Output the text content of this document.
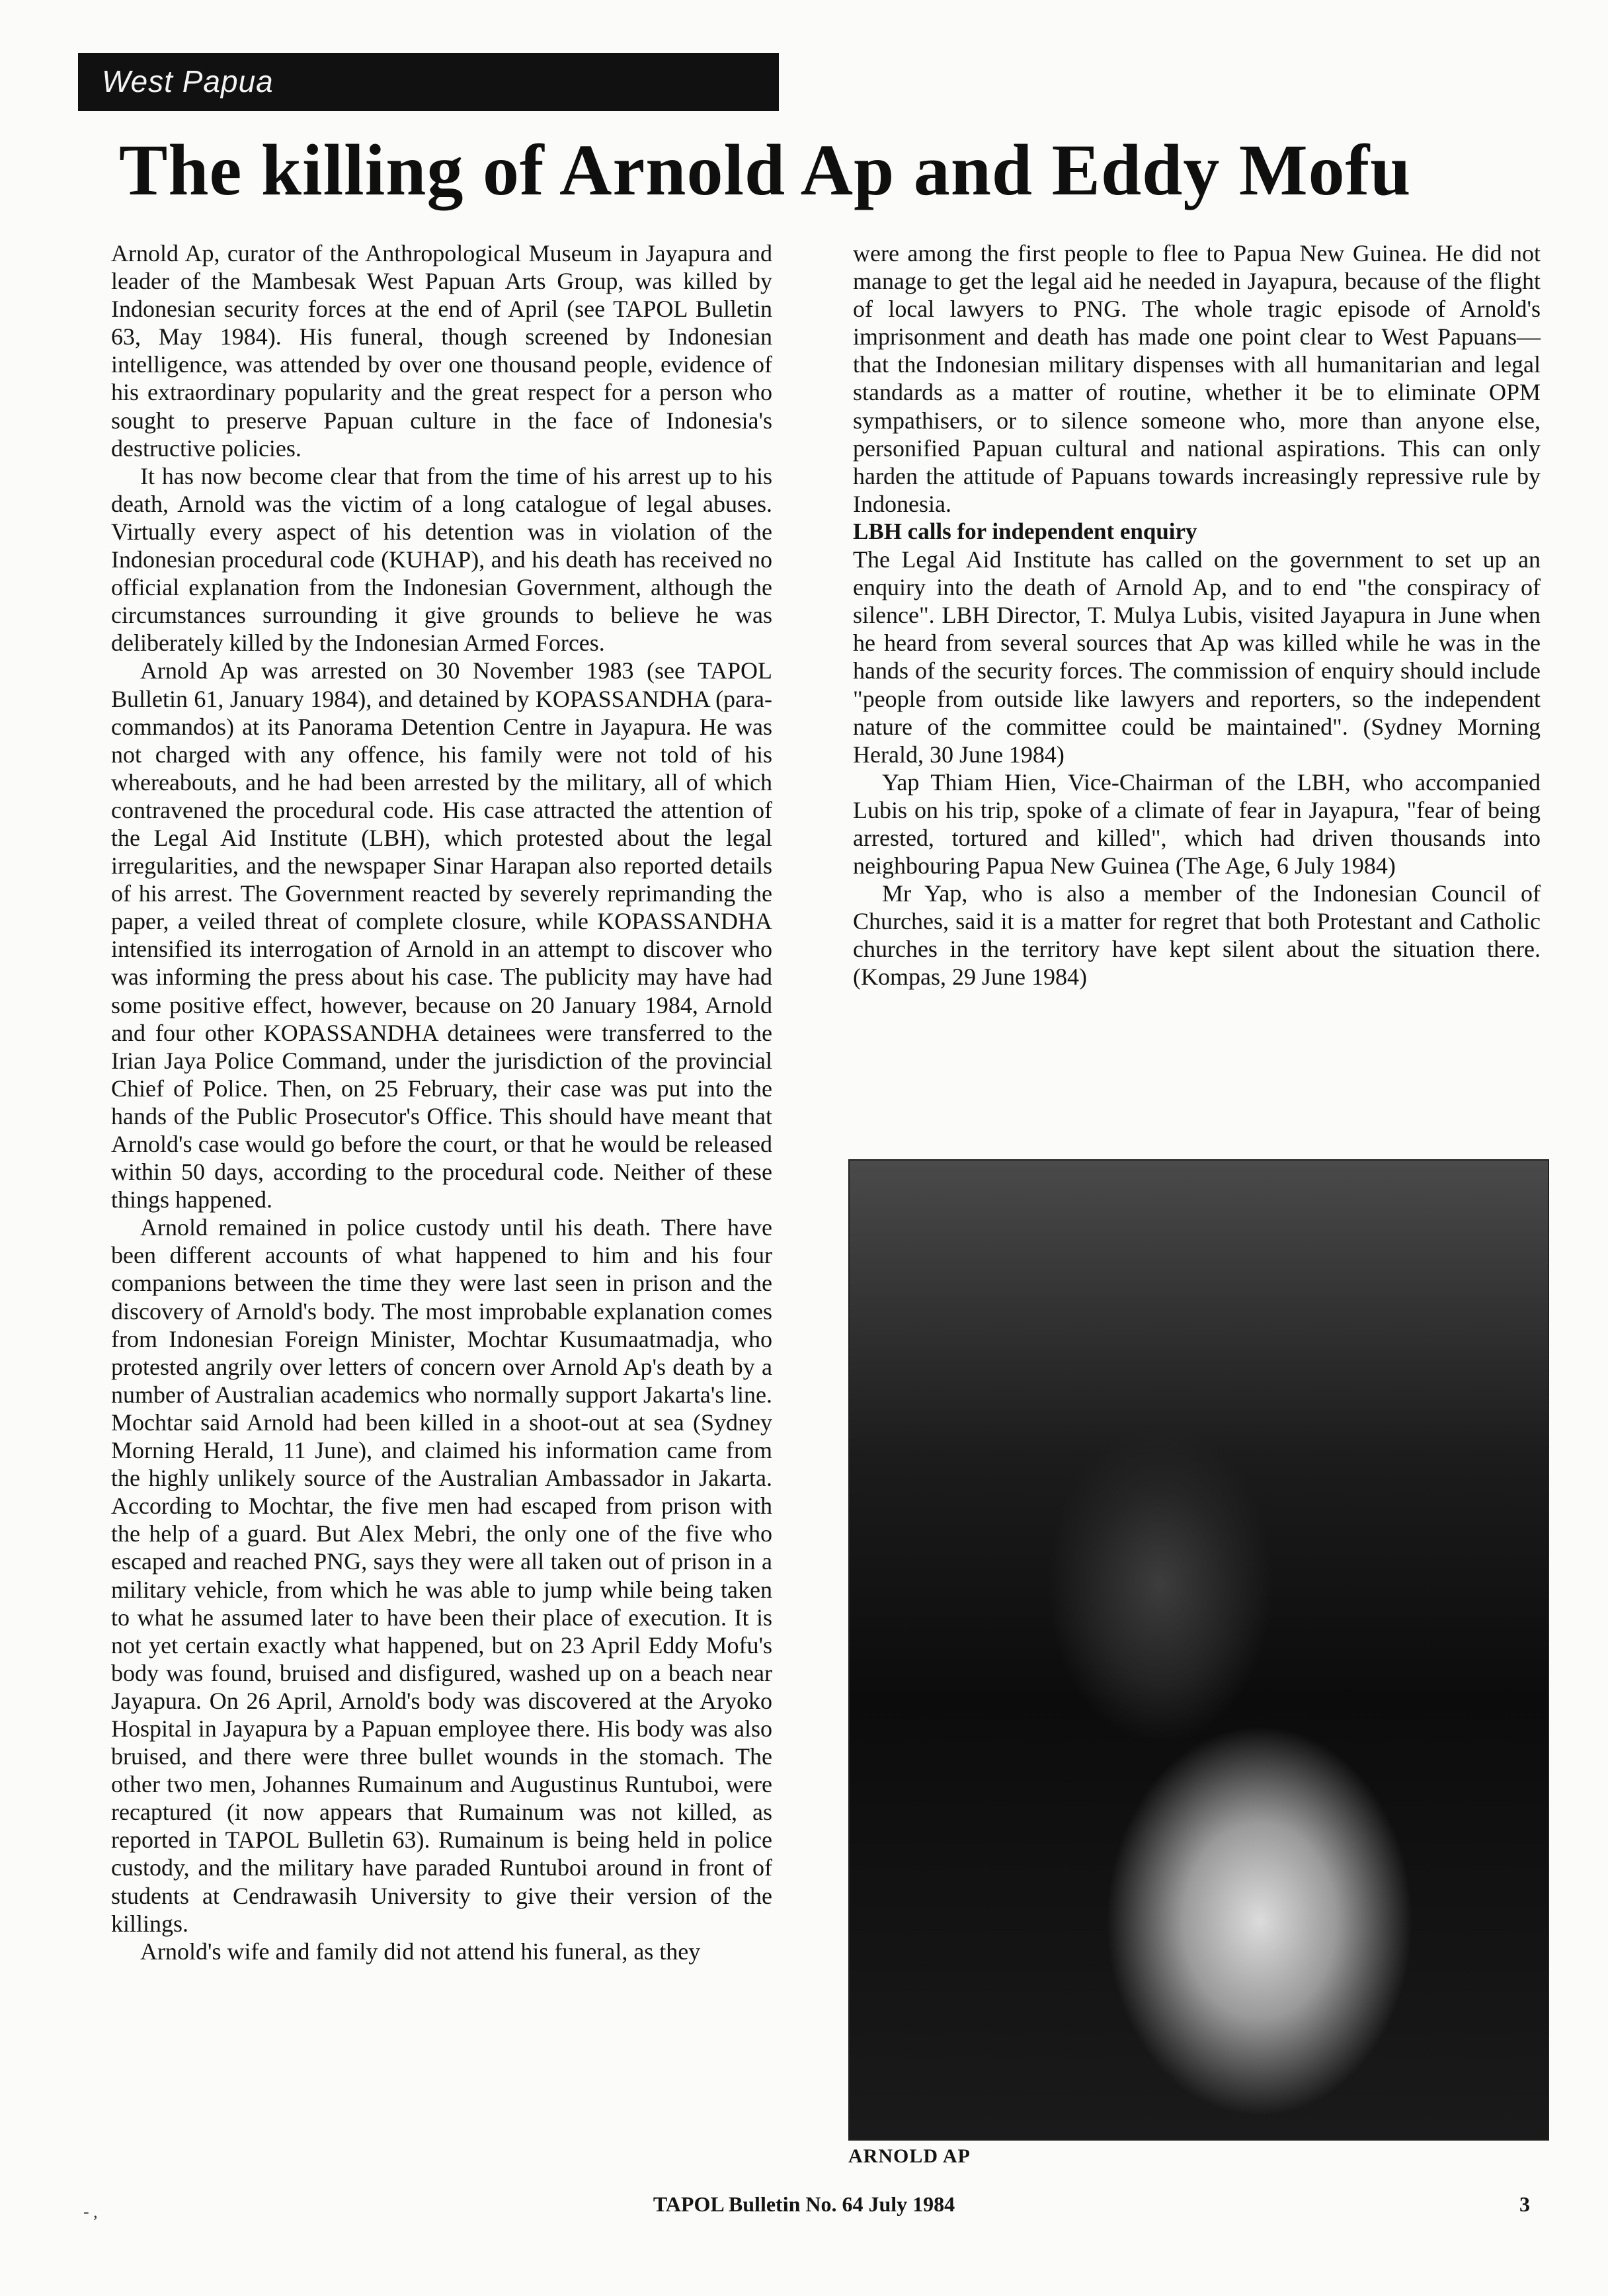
West Papua
The killing of Arnold Ap and Eddy Mofu

Arnold Ap, curator of the Anthropological Museum in Jayapura and leader of the Mambesak West Papuan Arts Group, was killed by Indonesian security forces at the end of April (see TAPOL Bulletin 63, May 1984). His funeral, though screened by Indonesian intelligence, was attended by over one thousand people, evidence of his extraordinary popularity and the great respect for a person who sought to preserve Papuan culture in the face of Indonesia's destructive policies.

It has now become clear that from the time of his arrest up to his death, Arnold was the victim of a long catalogue of legal abuses. Virtually every aspect of his detention was in violation of the Indonesian procedural code (KUHAP), and his death has received no official explanation from the Indonesian Government, although the circumstances surrounding it give grounds to believe he was deliberately killed by the Indonesian Armed Forces.

Arnold Ap was arrested on 30 November 1983 (see TAPOL Bulletin 61, January 1984), and detained by KOPASSANDHA (para-commandos) at its Panorama Detention Centre in Jayapura. He was not charged with any offence, his family were not told of his whereabouts, and he had been arrested by the military, all of which contravened the procedural code. His case attracted the attention of the Legal Aid Institute (LBH), which protested about the legal irregularities, and the newspaper Sinar Harapan also reported details of his arrest. The Government reacted by severely reprimanding the paper, a veiled threat of complete closure, while KOPASSANDHA intensified its interrogation of Arnold in an attempt to discover who was informing the press about his case. The publicity may have had some positive effect, however, because on 20 January 1984, Arnold and four other KOPASSANDHA detainees were transferred to the Irian Jaya Police Command, under the jurisdiction of the provincial Chief of Police. Then, on 25 February, their case was put into the hands of the Public Prosecutor's Office. This should have meant that Arnold's case would go before the court, or that he would be released within 50 days, according to the procedural code. Neither of these things happened.

Arnold remained in police custody until his death. There have been different accounts of what happened to him and his four companions between the time they were last seen in prison and the discovery of Arnold's body. The most improbable explanation comes from Indonesian Foreign Minister, Mochtar Kusumaatmadja, who protested angrily over letters of concern over Arnold Ap's death by a number of Australian academics who normally support Jakarta's line. Mochtar said Arnold had been killed in a shoot-out at sea (Sydney Morning Herald, 11 June), and claimed his information came from the highly unlikely source of the Australian Ambassador in Jakarta. According to Mochtar, the five men had escaped from prison with the help of a guard. But Alex Mebri, the only one of the five who escaped and reached PNG, says they were all taken out of prison in a military vehicle, from which he was able to jump while being taken to what he assumed later to have been their place of execution. It is not yet certain exactly what happened, but on 23 April Eddy Mofu's body was found, bruised and disfigured, washed up on a beach near Jayapura. On 26 April, Arnold's body was discovered at the Aryoko Hospital in Jayapura by a Papuan employee there. His body was also bruised, and there were three bullet wounds in the stomach. The other two men, Johannes Rumainum and Augustinus Runtuboi, were recaptured (it now appears that Rumainum was not killed, as reported in TAPOL Bulletin 63). Rumainum is being held in police custody, and the military have paraded Runtuboi around in front of students at Cendrawasih University to give their version of the killings.

Arnold's wife and family did not attend his funeral, as they

were among the first people to flee to Papua New Guinea. He did not manage to get the legal aid he needed in Jayapura, because of the flight of local lawyers to PNG. The whole tragic episode of Arnold's imprisonment and death has made one point clear to West Papuans—that the Indonesian military dispenses with all humanitarian and legal standards as a matter of routine, whether it be to eliminate OPM sympathisers, or to silence someone who, more than anyone else, personified Papuan cultural and national aspirations. This can only harden the attitude of Papuans towards increasingly repressive rule by Indonesia.

LBH calls for independent enquiry

The Legal Aid Institute has called on the government to set up an enquiry into the death of Arnold Ap, and to end "the conspiracy of silence". LBH Director, T. Mulya Lubis, visited Jayapura in June when he heard from several sources that Ap was killed while he was in the hands of the security forces. The commission of enquiry should include "people from outside like lawyers and reporters, so the independent nature of the committee could be maintained". (Sydney Morning Herald, 30 June 1984)

Yap Thiam Hien, Vice-Chairman of the LBH, who accompanied Lubis on his trip, spoke of a climate of fear in Jayapura, "fear of being arrested, tortured and killed", which had driven thousands into neighbouring Papua New Guinea (The Age, 6 July 1984)

Mr Yap, who is also a member of the Indonesian Council of Churches, said it is a matter for regret that both Protestant and Catholic churches in the territory have kept silent about the situation there. (Kompas, 29 June 1984)

ARNOLD AP
- ,	TAPOL Bulletin No. 64 July 1984	3
